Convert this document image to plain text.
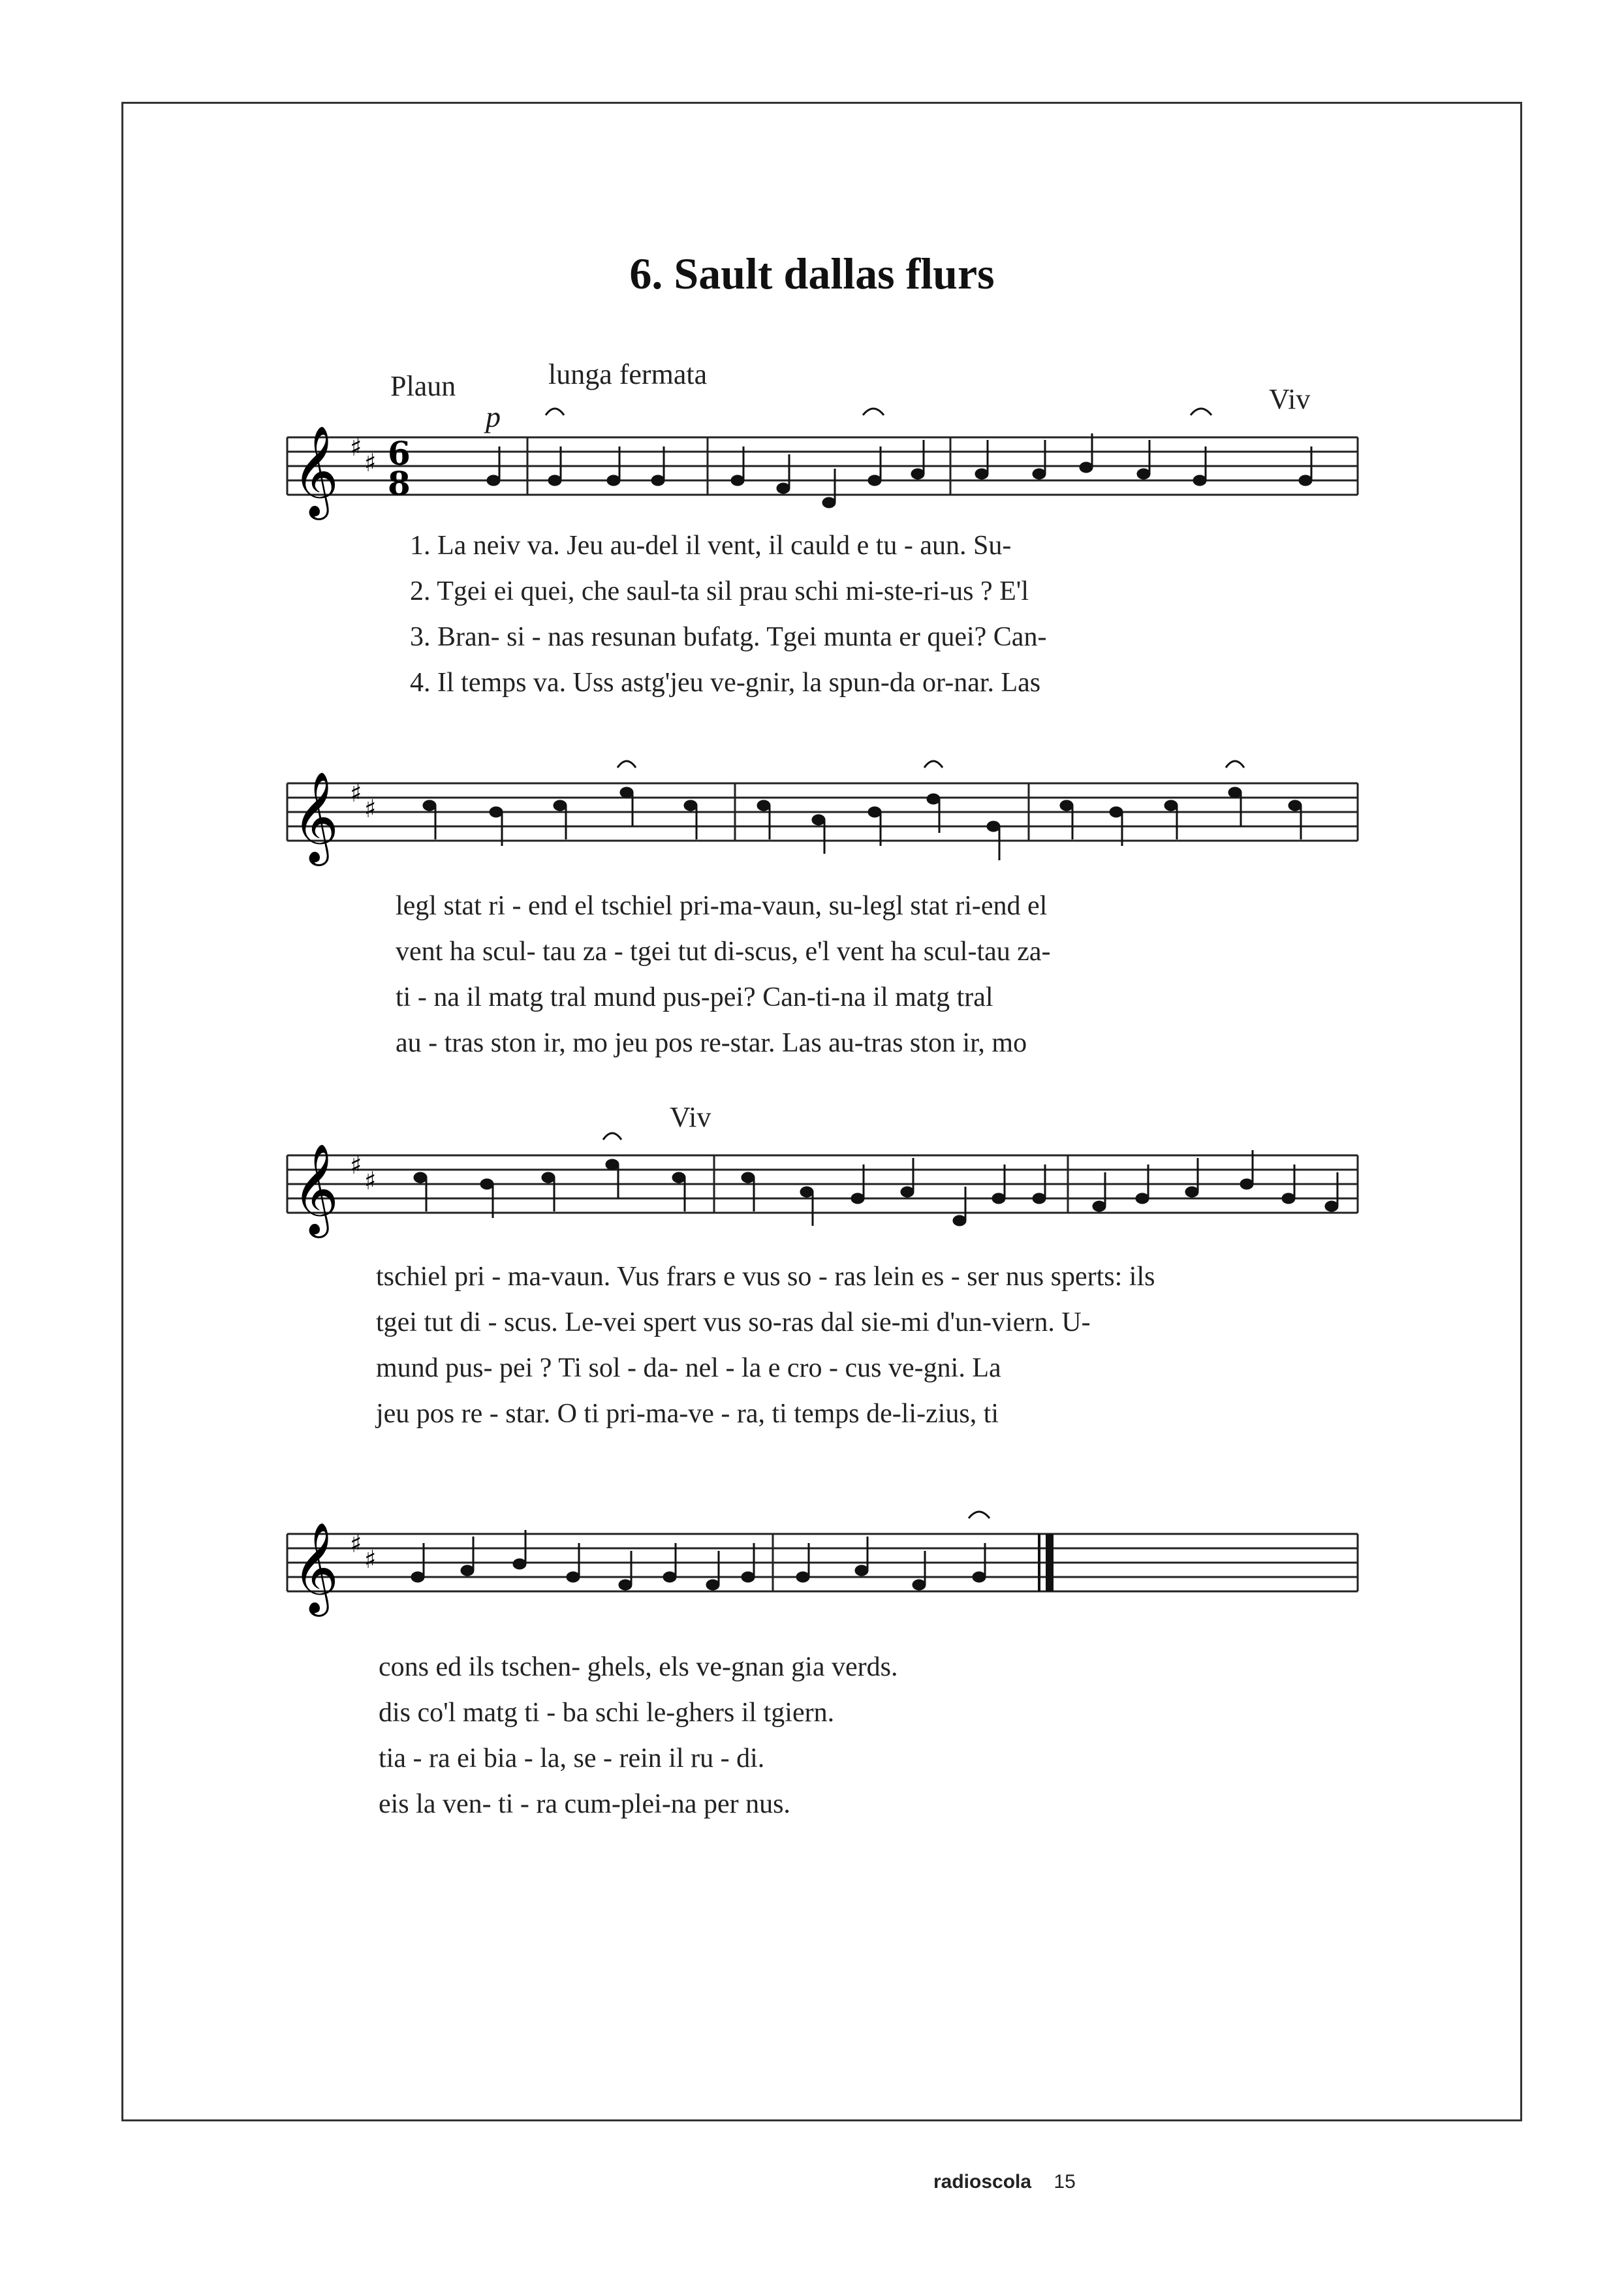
6. Sault dallas flurs
Plaun	lunga fermata
p
Viv
Viv
𝄞 ♯
♯ 6
8
1. La neiv va. Jeu au-del il vent, il cauld e tu - aun. Su-
2. Tgei ei quei, che saul-ta sil prau schi mi-ste-ri-us ? E'l
3. Bran- si - nas resunan bufatg. Tgei munta er quei? Can-
4. Il temps va. Uss astg'jeu ve-gnir, la spun-da or-nar. Las
𝄞 ♯
♯
legl stat ri - end el tschiel pri-ma-vaun, su-legl stat ri-end el
vent ha scul- tau za - tgei tut di-scus, e'l vent ha scul-tau za-
ti - na il matg tral mund pus-pei? Can-ti-na il matg tral
au - tras ston ir, mo jeu pos re-star. Las au-tras ston ir, mo
𝄞 ♯
♯
tschiel pri - ma-vaun. Vus frars e vus so - ras lein es - ser nus sperts: ils
tgei tut di - scus. Le-vei spert vus so-ras dal sie-mi d'un-viern. U-
mund pus- pei ? Ti sol - da- nel - la e cro - cus ve-gni. La
jeu pos re - star. O ti pri-ma-ve - ra, ti temps de-li-zius, ti
𝄞 ♯
♯
cons ed ils tschen- ghels, els ve-gnan gia verds.
dis co'l matg ti - ba schi le-ghers il tgiern.
tia - ra ei bia - la, se - rein il ru - di.
eis la ven- ti - ra cum-plei-na per nus.
radioscola 15
